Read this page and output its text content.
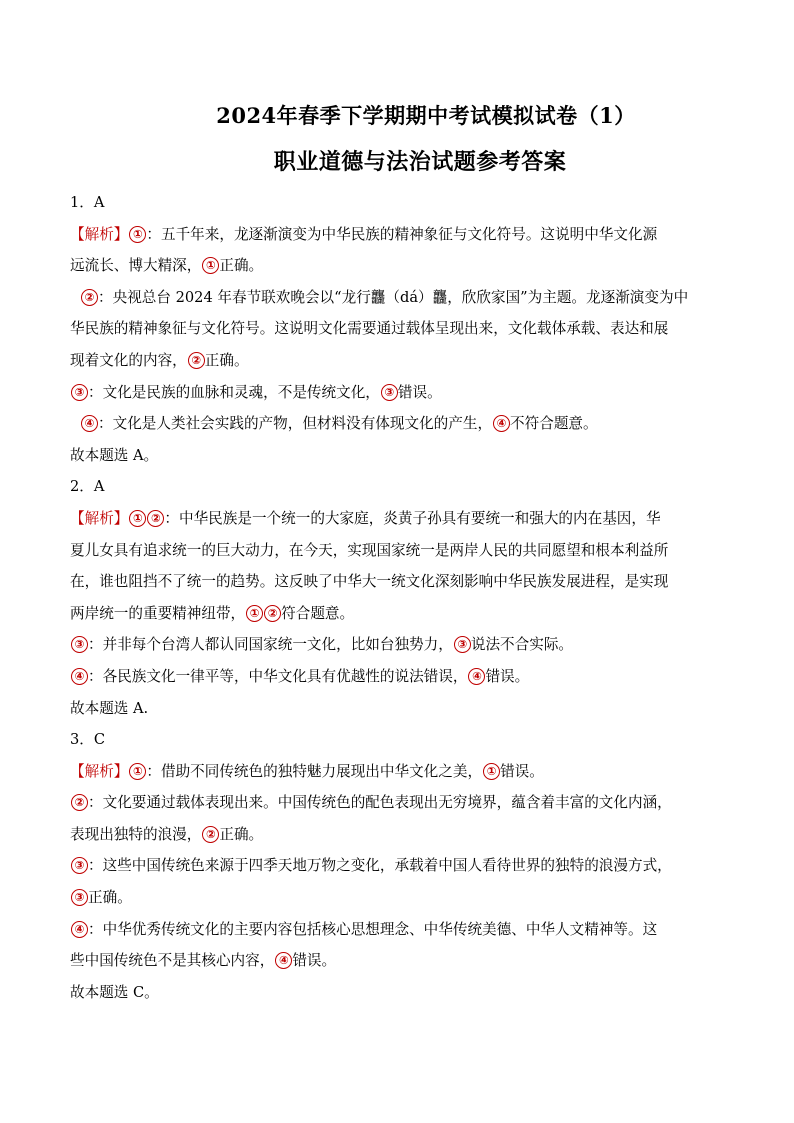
2024年春季下学期期中考试模拟试卷（1）
职业道德与法治试题参考答案
1．A
【解析】 ① ：五千年来，龙逐渐演变为中华民族的精神象征与文化符号。这说明中华文化源
远流长、博大精深， ① 正确。
② ：央视总台 2024 年春节联欢晚会以“龙行龘（dá）龘，欣欣家国”为主题。龙逐渐演变为中
华民族的精神象征与文化符号。这说明文化需要通过载体呈现出来，文化载体承载、表达和展
现着文化的内容， ② 正确。
③ ：文化是民族的血脉和灵魂，不是传统文化， ③ 错误。
④ ：文化是人类社会实践的产物，但材料没有体现文化的产生， ④ 不符合题意。
故本题选 A。
2．A
【解析】 ① ② ：中华民族是一个统一的大家庭，炎黄子孙具有要统一和强大的内在基因，华
夏儿女具有追求统一的巨大动力，在今天，实现国家统一是两岸人民的共同愿望和根本利益所
在，谁也阻挡不了统一的趋势。这反映了中华大一统文化深刻影响中华民族发展进程，是实现
两岸统一的重要精神纽带， ① ② 符合题意。
③ ：并非每个台湾人都认同国家统一文化，比如台独势力， ③ 说法不合实际。
④ ：各民族文化一律平等，中华文化具有优越性的说法错误， ④ 错误。
故本题选 A.
3．C
【解析】 ① ：借助不同传统色的独特魅力展现出中华文化之美， ① 错误。
② ：文化要通过载体表现出来。中国传统色的配色表现出无穷境界，蕴含着丰富的文化内涵，
表现出独特的浪漫， ② 正确。
③ ：这些中国传统色来源于四季天地万物之变化，承载着中国人看待世界的独特的浪漫方式，
③ 正确。
④ ：中华优秀传统文化的主要内容包括核心思想理念、中华传统美德、中华人文精神等。这
些中国传统色不是其核心内容， ④ 错误。
故本题选 C。
